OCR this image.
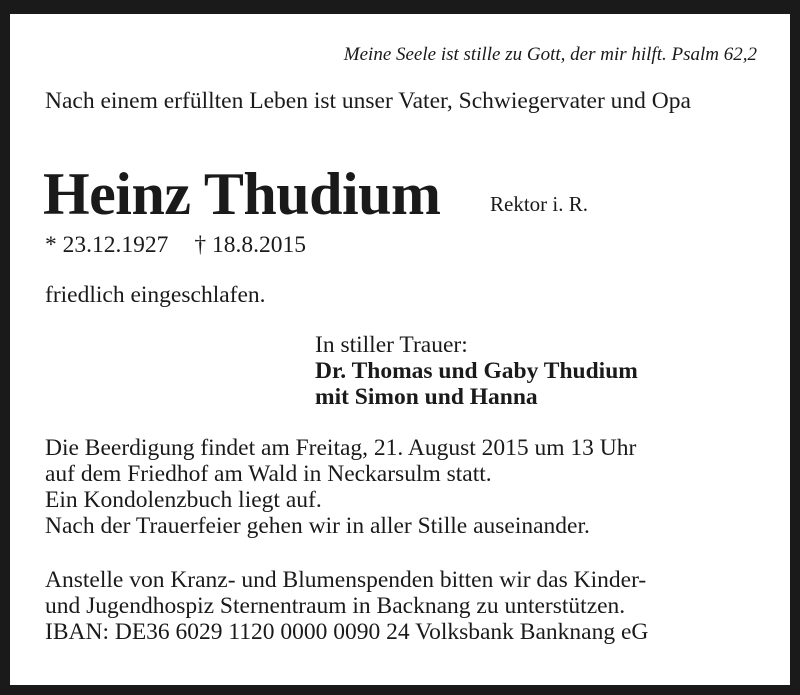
Meine Seele ist stille zu Gott, der mir hilft. Psalm 62,2
Nach einem erfüllten Leben ist unser Vater, Schwiegervater und Opa
Heinz Thudium Rektor i. R.
* 23.12.1927 † 18.8.2015
friedlich eingeschlafen.
In stiller Trauer:
Dr. Thomas und Gaby Thudium
mit Simon und Hanna
Die Beerdigung findet am Freitag, 21. August 2015 um 13 Uhr
auf dem Friedhof am Wald in Neckarsulm statt.
Ein Kondolenzbuch liegt auf.
Nach der Trauerfeier gehen wir in aller Stille auseinander.
Anstelle von Kranz- und Blumenspenden bitten wir das Kinder-
und Jugendhospiz Sternentraum in Backnang zu unterstützen.
IBAN: DE36 6029 1120 0000 0090 24 Volksbank Banknang eG
